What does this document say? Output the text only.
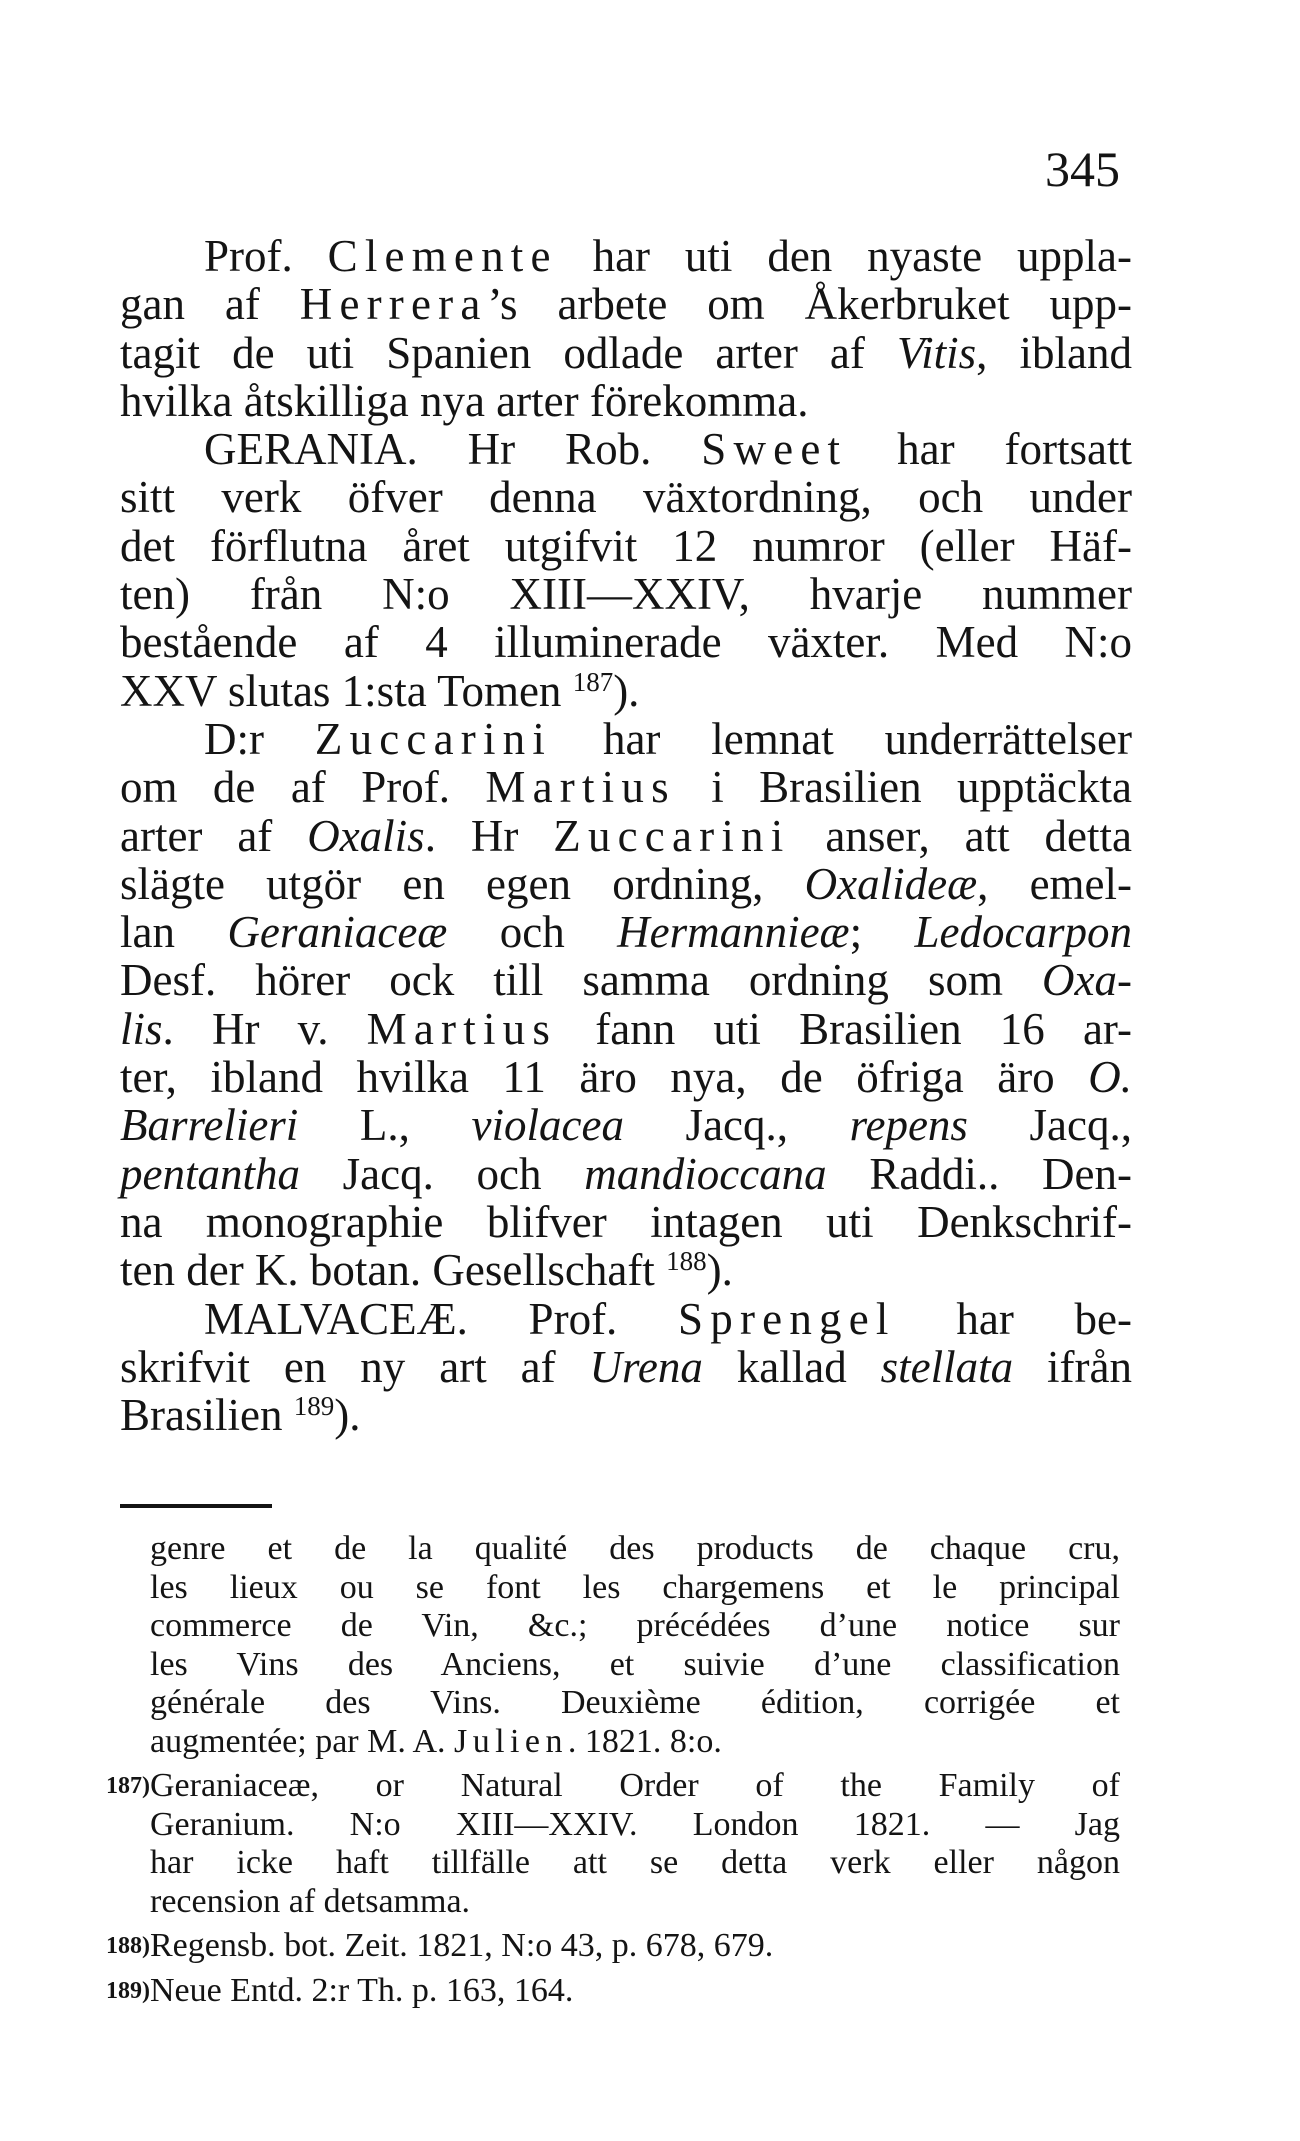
345
Prof. Clemente har uti den nyaste uppla-
gan af Herrera’s arbete om Åkerbruket upp-
tagit de uti Spanien odlade arter af Vitis, ibland
hvilka åtskilliga nya arter förekomma.
GERANIA. Hr Rob. Sweet har fortsatt
sitt verk öfver denna växtordning, och under
det förflutna året utgifvit 12 numror (eller Häf-
ten) från N:o XIII—XXIV, hvarje nummer
bestående af 4 illuminerade växter. Med N:o
XXV slutas 1:sta Tomen $^{187}$).
D:r Zuccarini har lemnat underrättelser
om de af Prof. Martius i Brasilien upptäckta
arter af Oxalis. Hr Zuccarini anser, att detta
slägte utgör en egen ordning, Oxalideæ, emel-
lan Geraniaceæ och Hermannieæ; Ledocarpon
Desf. hörer ock till samma ordning som Oxa-
lis. Hr v. Martius fann uti Brasilien 16 ar-
ter, ibland hvilka 11 äro nya, de öfriga äro O.
Barrelieri L., violacea Jacq., repens Jacq.,
pentantha Jacq. och mandioccana Raddi.. Den-
na monographie blifver intagen uti Denkschrif-
ten der K. botan. Gesellschaft $^{188}$).
MALVACEÆ. Prof. Sprengel har be-
skrifvit en ny art af Urena kallad stellata ifrån
Brasilien $^{189}$).
genre et de la qualité des products de chaque cru,
les lieux ou se font les chargemens et le principal
commerce de Vin, &c.; précédées d’une notice sur
les Vins des Anciens, et suivie d’une classification
générale des Vins. Deuxième édition, corrigée et
augmentée; par M. A. Julien. 1821. 8:o.
187) Geraniaceæ, or Natural Order of the Family of
Geranium. N:o XIII—XXIV. London 1821. — Jag
har icke haft tillfälle att se detta verk eller någon
recension af detsamma.
188) Regensb. bot. Zeit. 1821, N:o 43, p. 678, 679.
189) Neue Entd. 2:r Th. p. 163, 164.
